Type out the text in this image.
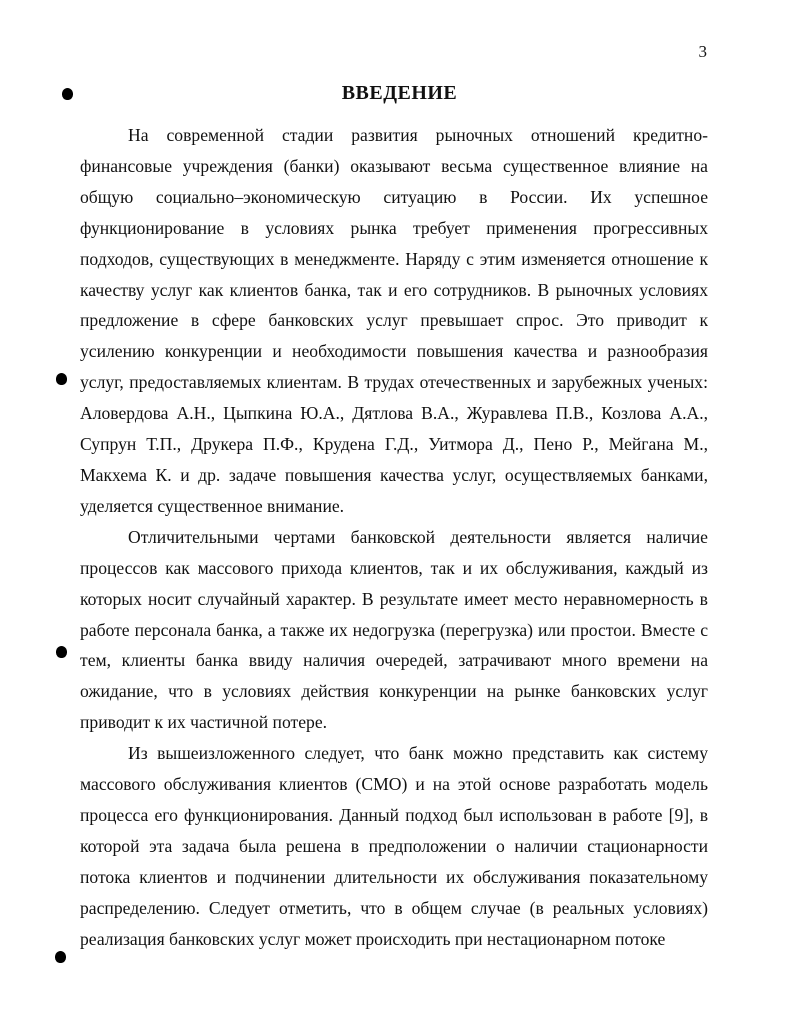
3
ВВЕДЕНИЕ

На современной стадии развития рыночных отношений кредитно-финансовые учреждения (банки) оказывают весьма существенное влияние на общую социально–экономическую ситуацию в России. Их успешное функционирование в условиях рынка требует применения прогрессивных подходов, существующих в менеджменте. Наряду с этим изменяется отношение к качеству услуг как клиентов банка, так и его сотрудников. В рыночных условиях предложение в сфере банковских услуг превышает спрос. Это приводит к усилению конкуренции и необходимости повышения качества и разнообразия услуг, предоставляемых клиентам. В трудах отечественных и зарубежных ученых: Аловердова А.Н., Цыпкина Ю.А., Дятлова В.А., Журавлева П.В., Козлова А.А., Супрун Т.П., Друкера П.Ф., Крудена Г.Д., Уитмора Д., Пено Р., Мейгана М., Макхема К. и др. задаче повышения качества услуг, осуществляемых банками, уделяется существенное внимание.

Отличительными чертами банковской деятельности является наличие процессов как массового прихода клиентов, так и их обслуживания, каждый из которых носит случайный характер. В результате имеет место неравномерность в работе персонала банка, а также их недогрузка (перегрузка) или простои. Вместе с тем, клиенты банка ввиду наличия очередей, затрачивают много времени на ожидание, что в условиях действия конкуренции на рынке банковских услуг приводит к их частичной потере.

Из вышеизложенного следует, что банк можно представить как систему массового обслуживания клиентов (СМО) и на этой основе разработать модель процесса его функционирования. Данный подход был использован в работе [9], в которой эта задача была решена в предположении о наличии стационарности потока клиентов и подчинении длительности их обслуживания показательному распределению. Следует отметить, что в общем случае (в реальных условиях) реализация банковских услуг может происходить при нестационарном потоке
